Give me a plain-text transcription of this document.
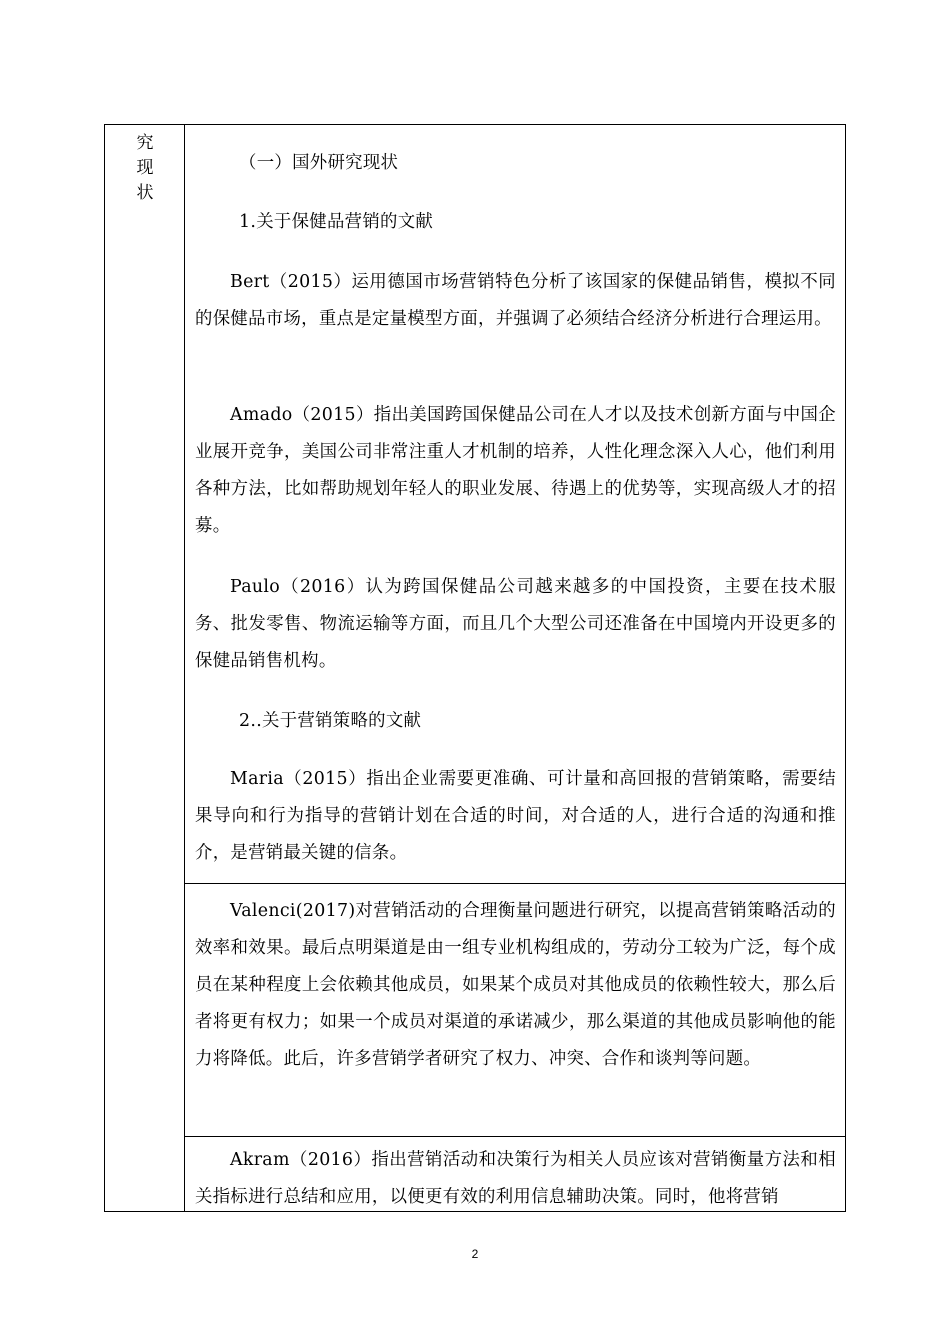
究
现
状
（一）国外研究现状
1.关于保健品营销的文献
Bert（2015）运用德国市场营销特色分析了该国家的保健品销售，模拟不同的保健品市场，重点是定量模型方面，并强调了必须结合经济分析进行合理运用。
Amado（2015）指出美国跨国保健品公司在人才以及技术创新方面与中国企业展开竞争，美国公司非常注重人才机制的培养，人性化理念深入人心，他们利用各种方法，比如帮助规划年轻人的职业发展、待遇上的优势等，实现高级人才的招募。
Paulo（2016）认为跨国保健品公司越来越多的中国投资，主要在技术服务、批发零售、物流运输等方面，而且几个大型公司还准备在中国境内开设更多的保健品销售机构。
2..关于营销策略的文献
Maria（2015）指出企业需要更准确、可计量和高回报的营销策略，需要结果导向和行为指导的营销计划在合适的时间，对合适的人，进行合适的沟通和推介，是营销最关键的信条。
Valenci(2017)对营销活动的合理衡量问题进行研究，以提高营销策略活动的效率和效果。最后点明渠道是由一组专业机构组成的，劳动分工较为广泛，每个成员在某种程度上会依赖其他成员，如果某个成员对其他成员的依赖性较大，那么后者将更有权力；如果一个成员对渠道的承诺减少，那么渠道的其他成员影响他的能力将降低。此后，许多营销学者研究了权力、冲突、合作和谈判等问题。
Akram（2016）指出营销活动和决策行为相关人员应该对营销衡量方法和相关指标进行总结和应用，以便更有效的利用信息辅助决策。同时，他将营销
2
